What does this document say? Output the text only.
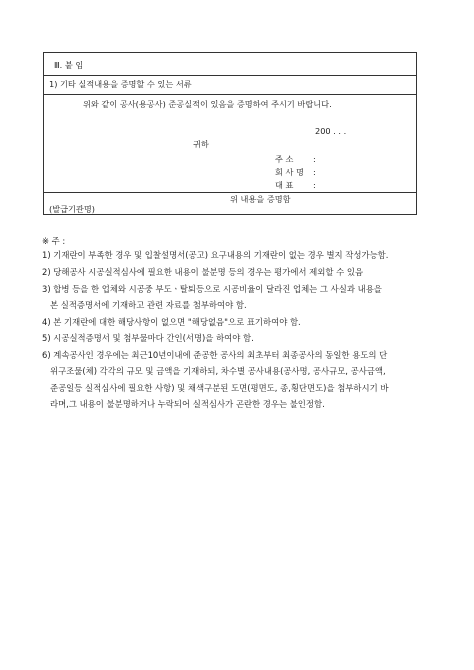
Ⅲ. 붙 임
1) 기타 실적내용을 증명할 수 있는 서류
위와 같이 공사(용공사) 준공실적이 있음을 증명하여 주시기 바랍니다.
200 . . .
귀하
주 소 :
회 사 명 :
대 표 :
위 내용을 증명함
(발급기관명)
※ 주 :
1) 기재란이 부족한 경우 및 입찰설명서(공고) 요구내용의 기재란이 없는 경우 별지 작성가능함.
2) 당해공사 시공실적심사에 필요한 내용이 불분명 등의 경우는 평가에서 제외할 수 있음
3) 합병 등을 한 업체와 시공중 부도ㆍ탈퇴등으로 시공비율이 달라진 업체는 그 사실과 내용을
본 실적증명서에 기재하고 관련 자료를 첨부하여야 함.
4) 본 기재란에 대한 해당사항이 없으면 "해당없음"으로 표기하여야 함.
5) 시공실적증명서 및 첨부물마다 간인(서명)을 하여야 함.
6) 계속공사인 경우에는 최근10년이내에 준공한 공사의 최초부터 최종공사의 동일한 용도의 단
위구조물(체) 각각의 규모 및 금액을 기재하되, 차수별 공사내용(공사명, 공사규모, 공사금액,
준공일등 실적심사에 필요한 사항) 및 채색구분된 도면(평면도, 종,횡단면도)을 첨부하시기 바
라며,그 내용이 불분명하거나 누락되어 실적심사가 곤란한 경우는 불인정함.
